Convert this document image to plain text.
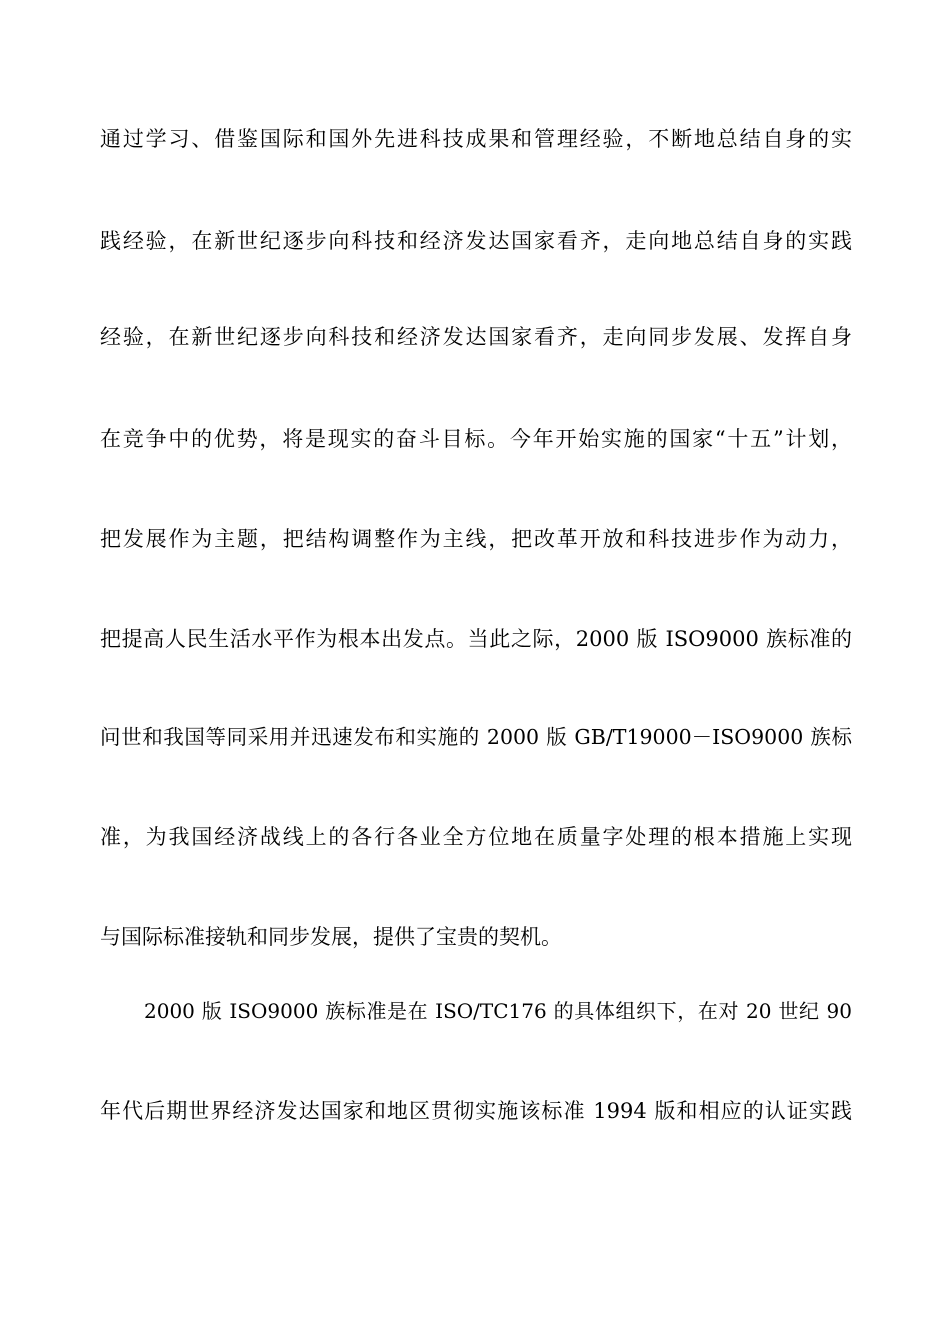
通过学习、借鉴国际和国外先进科技成果和管理经验，不断地总结自身的实
践经验，在新世纪逐步向科技和经济发达国家看齐，走向地总结自身的实践
经验，在新世纪逐步向科技和经济发达国家看齐，走向同步发展、发挥自身
在竞争中的优势，将是现实的奋斗目标。今年开始实施的国家“十五”计划，
把发展作为主题，把结构调整作为主线，把改革开放和科技进步作为动力，
把提高人民生活水平作为根本出发点。当此之际，2000 版 ISO9000 族标准的
问世和我国等同采用并迅速发布和实施的 2000 版 GB/T19000－ISO9000 族标
准，为我国经济战线上的各行各业全方位地在质量字处理的根本措施上实现
与国际标准接轨和同步发展，提供了宝贵的契机。
2000 版 ISO9000 族标准是在 ISO/TC176 的具体组织下，在对 20 世纪 90
年代后期世界经济发达国家和地区贯彻实施该标准 1994 版和相应的认证实践
